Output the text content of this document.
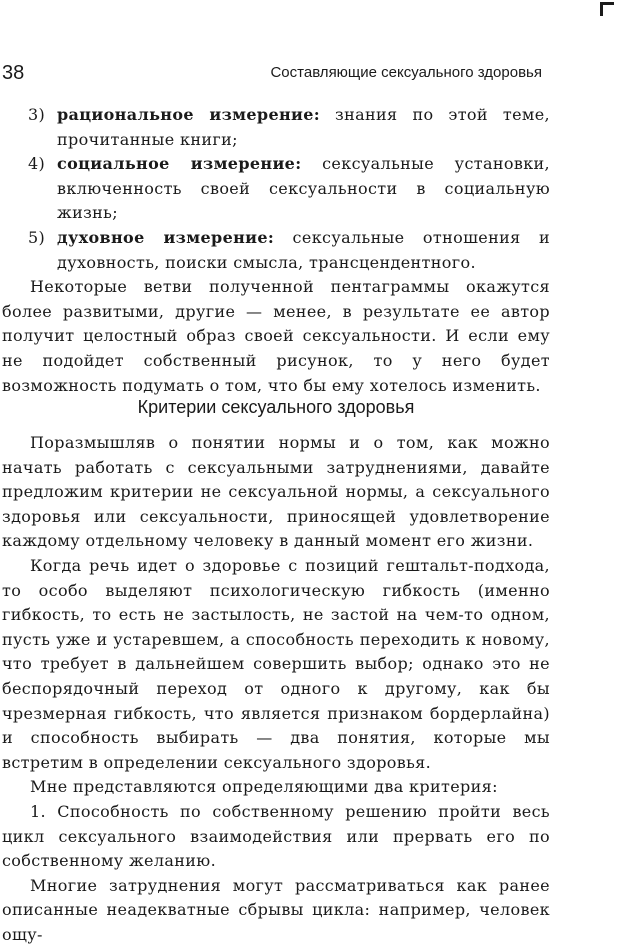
38	Составляющие сексуального здоровья

3) рациональное измерение: знания по этой теме, прочитанные книги;

4) социальное измерение: сексуальные установки, включенность своей сексуальности в социальную жизнь;

5) духовное измерение: сексуальные отношения и духовность, поиски смысла, трансцендентного.

Некоторые ветви полученной пентаграммы окажутся более развитыми, другие — менее, в результате ее автор получит целостный образ своей сексуальности. И если ему не подойдет собственный рисунок, то у него будет возможность подумать о том, что бы ему хотелось изменить.

Критерии сексуального здоровья

Поразмышляв о понятии нормы и о том, как можно начать работать с сексуальными затруднениями, давайте предложим критерии не сексуальной нормы, а сексуального здоровья или сексуальности, приносящей удовлетворение каждому отдельному человеку в данный момент его жизни.

Когда речь идет о здоровье с позиций гештальт-подхода, то особо выделяют психологическую гибкость (именно гибкость, то есть не застылость, не застой на чем-то одном, пусть уже и устаревшем, а способность переходить к новому, что требует в дальнейшем совершить выбор; однако это не беспорядочный переход от одного к другому, как бы чрезмерная гибкость, что является признаком бордерлайна) и способность выбирать — два понятия, которые мы встретим в определении сексуального здоровья.

Мне представляются определяющими два критерия:

1. Способность по собственному решению пройти весь цикл сексуального взаимодействия или прервать его по собственному желанию.

Многие затруднения могут рассматриваться как ранее описанные неадекватные сбрывы цикла: например, человек ощу-
